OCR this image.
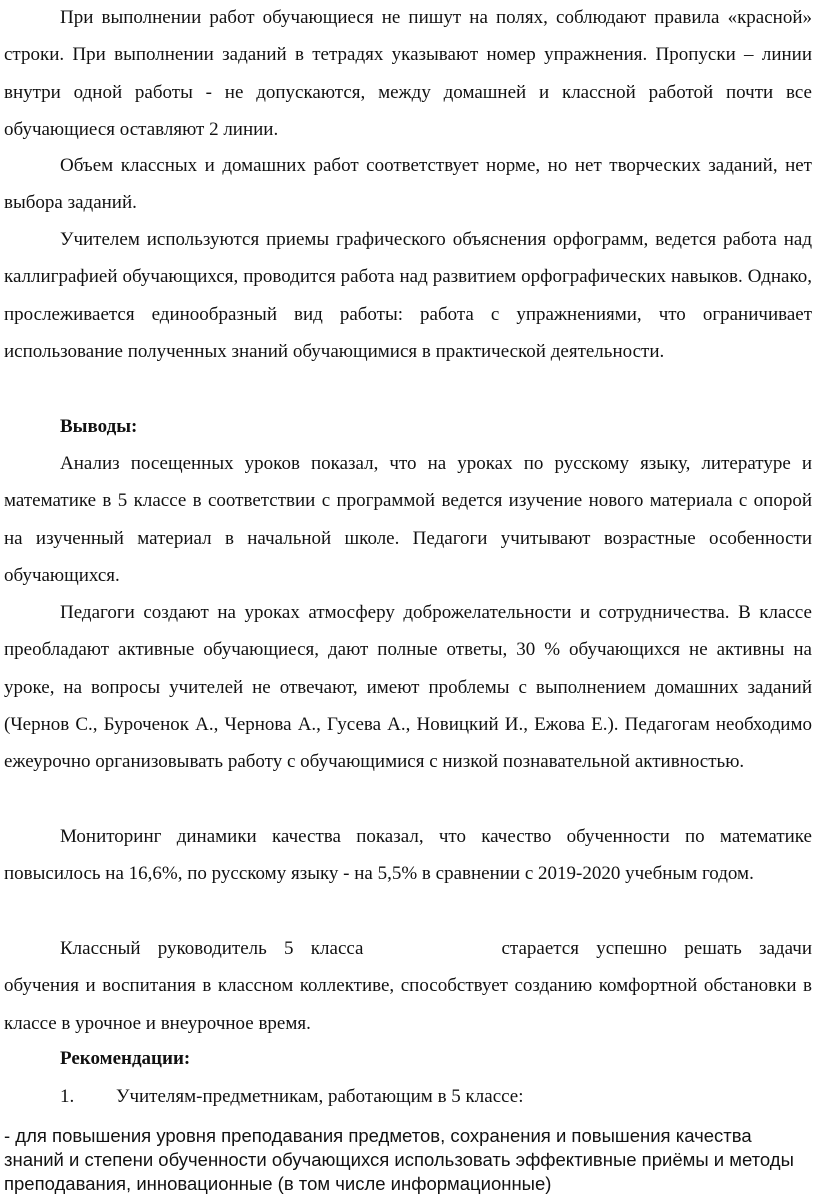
При выполнении работ обучающиеся не пишут на полях, соблюдают правила «красной» строки. При выполнении заданий в тетрадях указывают номер упражнения. Пропуски – линии внутри одной работы - не допускаются, между домашней и классной работой почти все обучающиеся оставляют 2 линии.

Объем классных и домашних работ соответствует норме, но нет творческих заданий, нет выбора заданий.

Учителем используются приемы графического объяснения орфограмм, ведется работа над каллиграфией обучающихся, проводится работа над развитием орфографических навыков. Однако, прослеживается единообразный вид работы: работа с упражнениями, что ограничивает использование полученных знаний обучающимися в практической деятельности.

Выводы:

Анализ посещенных уроков показал, что на уроках по русскому языку, литературе и математике в 5 классе в соответствии с программой ведется изучение нового материала с опорой на изученный материал в начальной школе. Педагоги учитывают возрастные особенности обучающихся.

Педагоги создают на уроках атмосферу доброжелательности и сотрудничества. В классе преобладают активные обучающиеся, дают полные ответы, 30 % обучающихся не активны на уроке, на вопросы учителей не отвечают, имеют проблемы с выполнением домашних заданий (Чернов С., Буроченок А., Чернова А., Гусева А., Новицкий И., Ежова Е.). Педагогам необходимо ежеурочно организовывать работу с обучающимися с низкой познавательной активностью.

Мониторинг динамики качества показал, что качество обученности по математике повысилось на 16,6%, по русскому языку - на 5,5% в сравнении с 2019-2020 учебным годом.

Классный руководитель 5 класса	старается успешно решать задачи обучения и воспитания в классном коллективе, способствует созданию комфортной обстановки в классе в урочное и внеурочное время.

Рекомендации:

1. Учителям-предметникам, работающим в 5 классе:

- для повышения уровня преподавания предметов, сохранения и повышения качества знаний и степени обученности обучающихся использовать эффективные приёмы и методы преподавания, инновационные (в том числе информационные)
